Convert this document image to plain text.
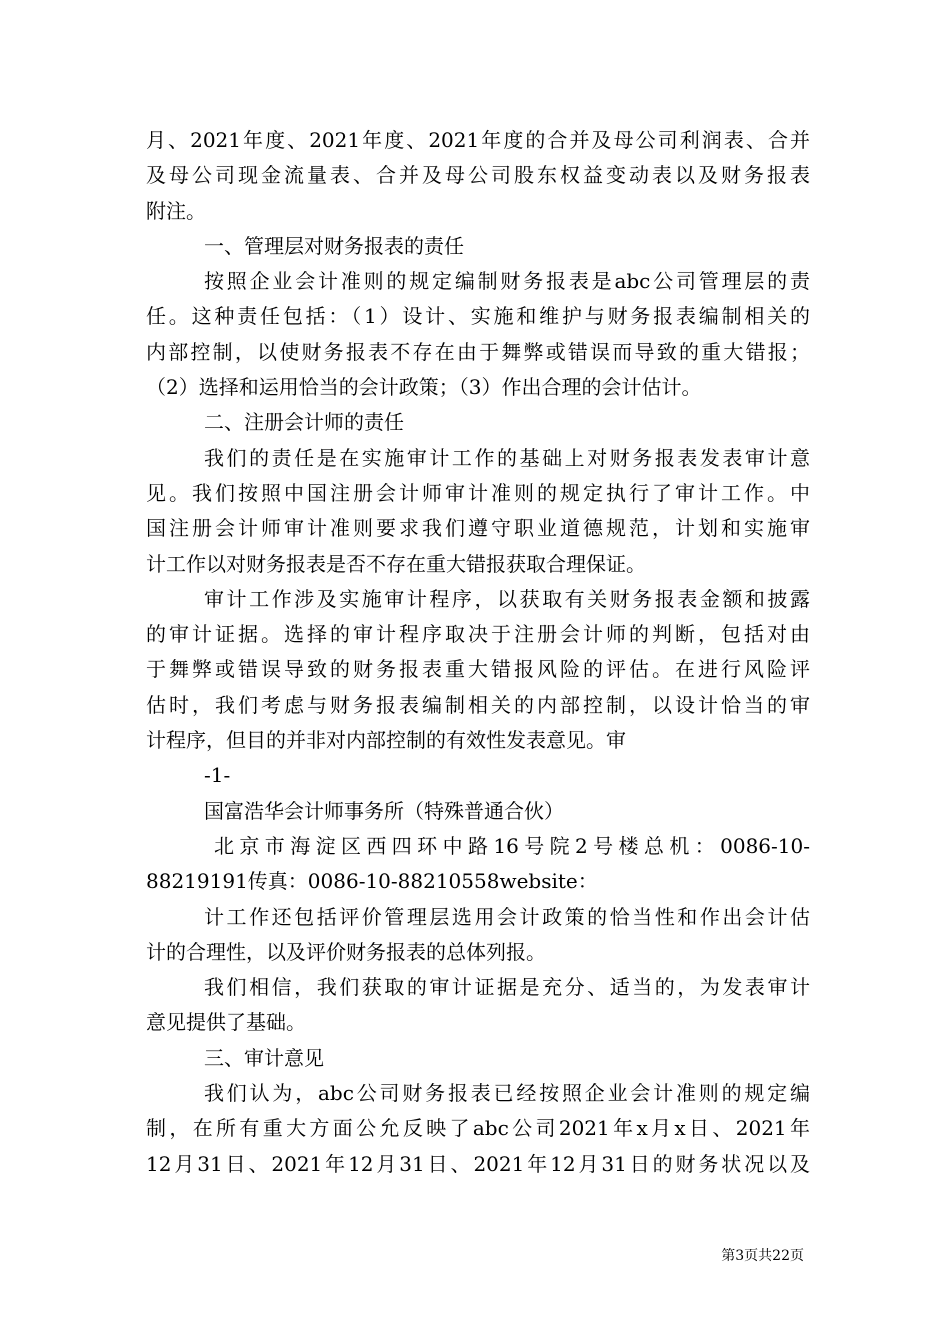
月、2021年度、2021年度、2021年度的合并及母公司利润表、合并
及母公司现金流量表、合并及母公司股东权益变动表以及财务报表
附注。
一、管理层对财务报表的责任
按照企业会计准则的规定编制财务报表是abc公司管理层的责
任。这种责任包括：（1）设计、实施和维护与财务报表编制相关的
内部控制，以使财务报表不存在由于舞弊或错误而导致的重大错报；
（2）选择和运用恰当的会计政策；（3）作出合理的会计估计。
二、注册会计师的责任
我们的责任是在实施审计工作的基础上对财务报表发表审计意
见。我们按照中国注册会计师审计准则的规定执行了审计工作。中
国注册会计师审计准则要求我们遵守职业道德规范，计划和实施审
计工作以对财务报表是否不存在重大错报获取合理保证。
审计工作涉及实施审计程序，以获取有关财务报表金额和披露
的审计证据。选择的审计程序取决于注册会计师的判断，包括对由
于舞弊或错误导致的财务报表重大错报风险的评估。在进行风险评
估时，我们考虑与财务报表编制相关的内部控制，以设计恰当的审
计程序，但目的并非对内部控制的有效性发表意见。审
-1-
国富浩华会计师事务所（特殊普通合伙）
北京市海淀区西四环中路16号院2号楼总机：0086-10-
88219191传真：0086-10-88210558website：
计工作还包括评价管理层选用会计政策的恰当性和作出会计估
计的合理性，以及评价财务报表的总体列报。
我们相信，我们获取的审计证据是充分、适当的，为发表审计
意见提供了基础。
三、审计意见
我们认为，abc公司财务报表已经按照企业会计准则的规定编
制，在所有重大方面公允反映了abc公司2021年x月x日、2021年
12月31日、2021年12月31日、2021年12月31日的财务状况以及
第3页共22页
